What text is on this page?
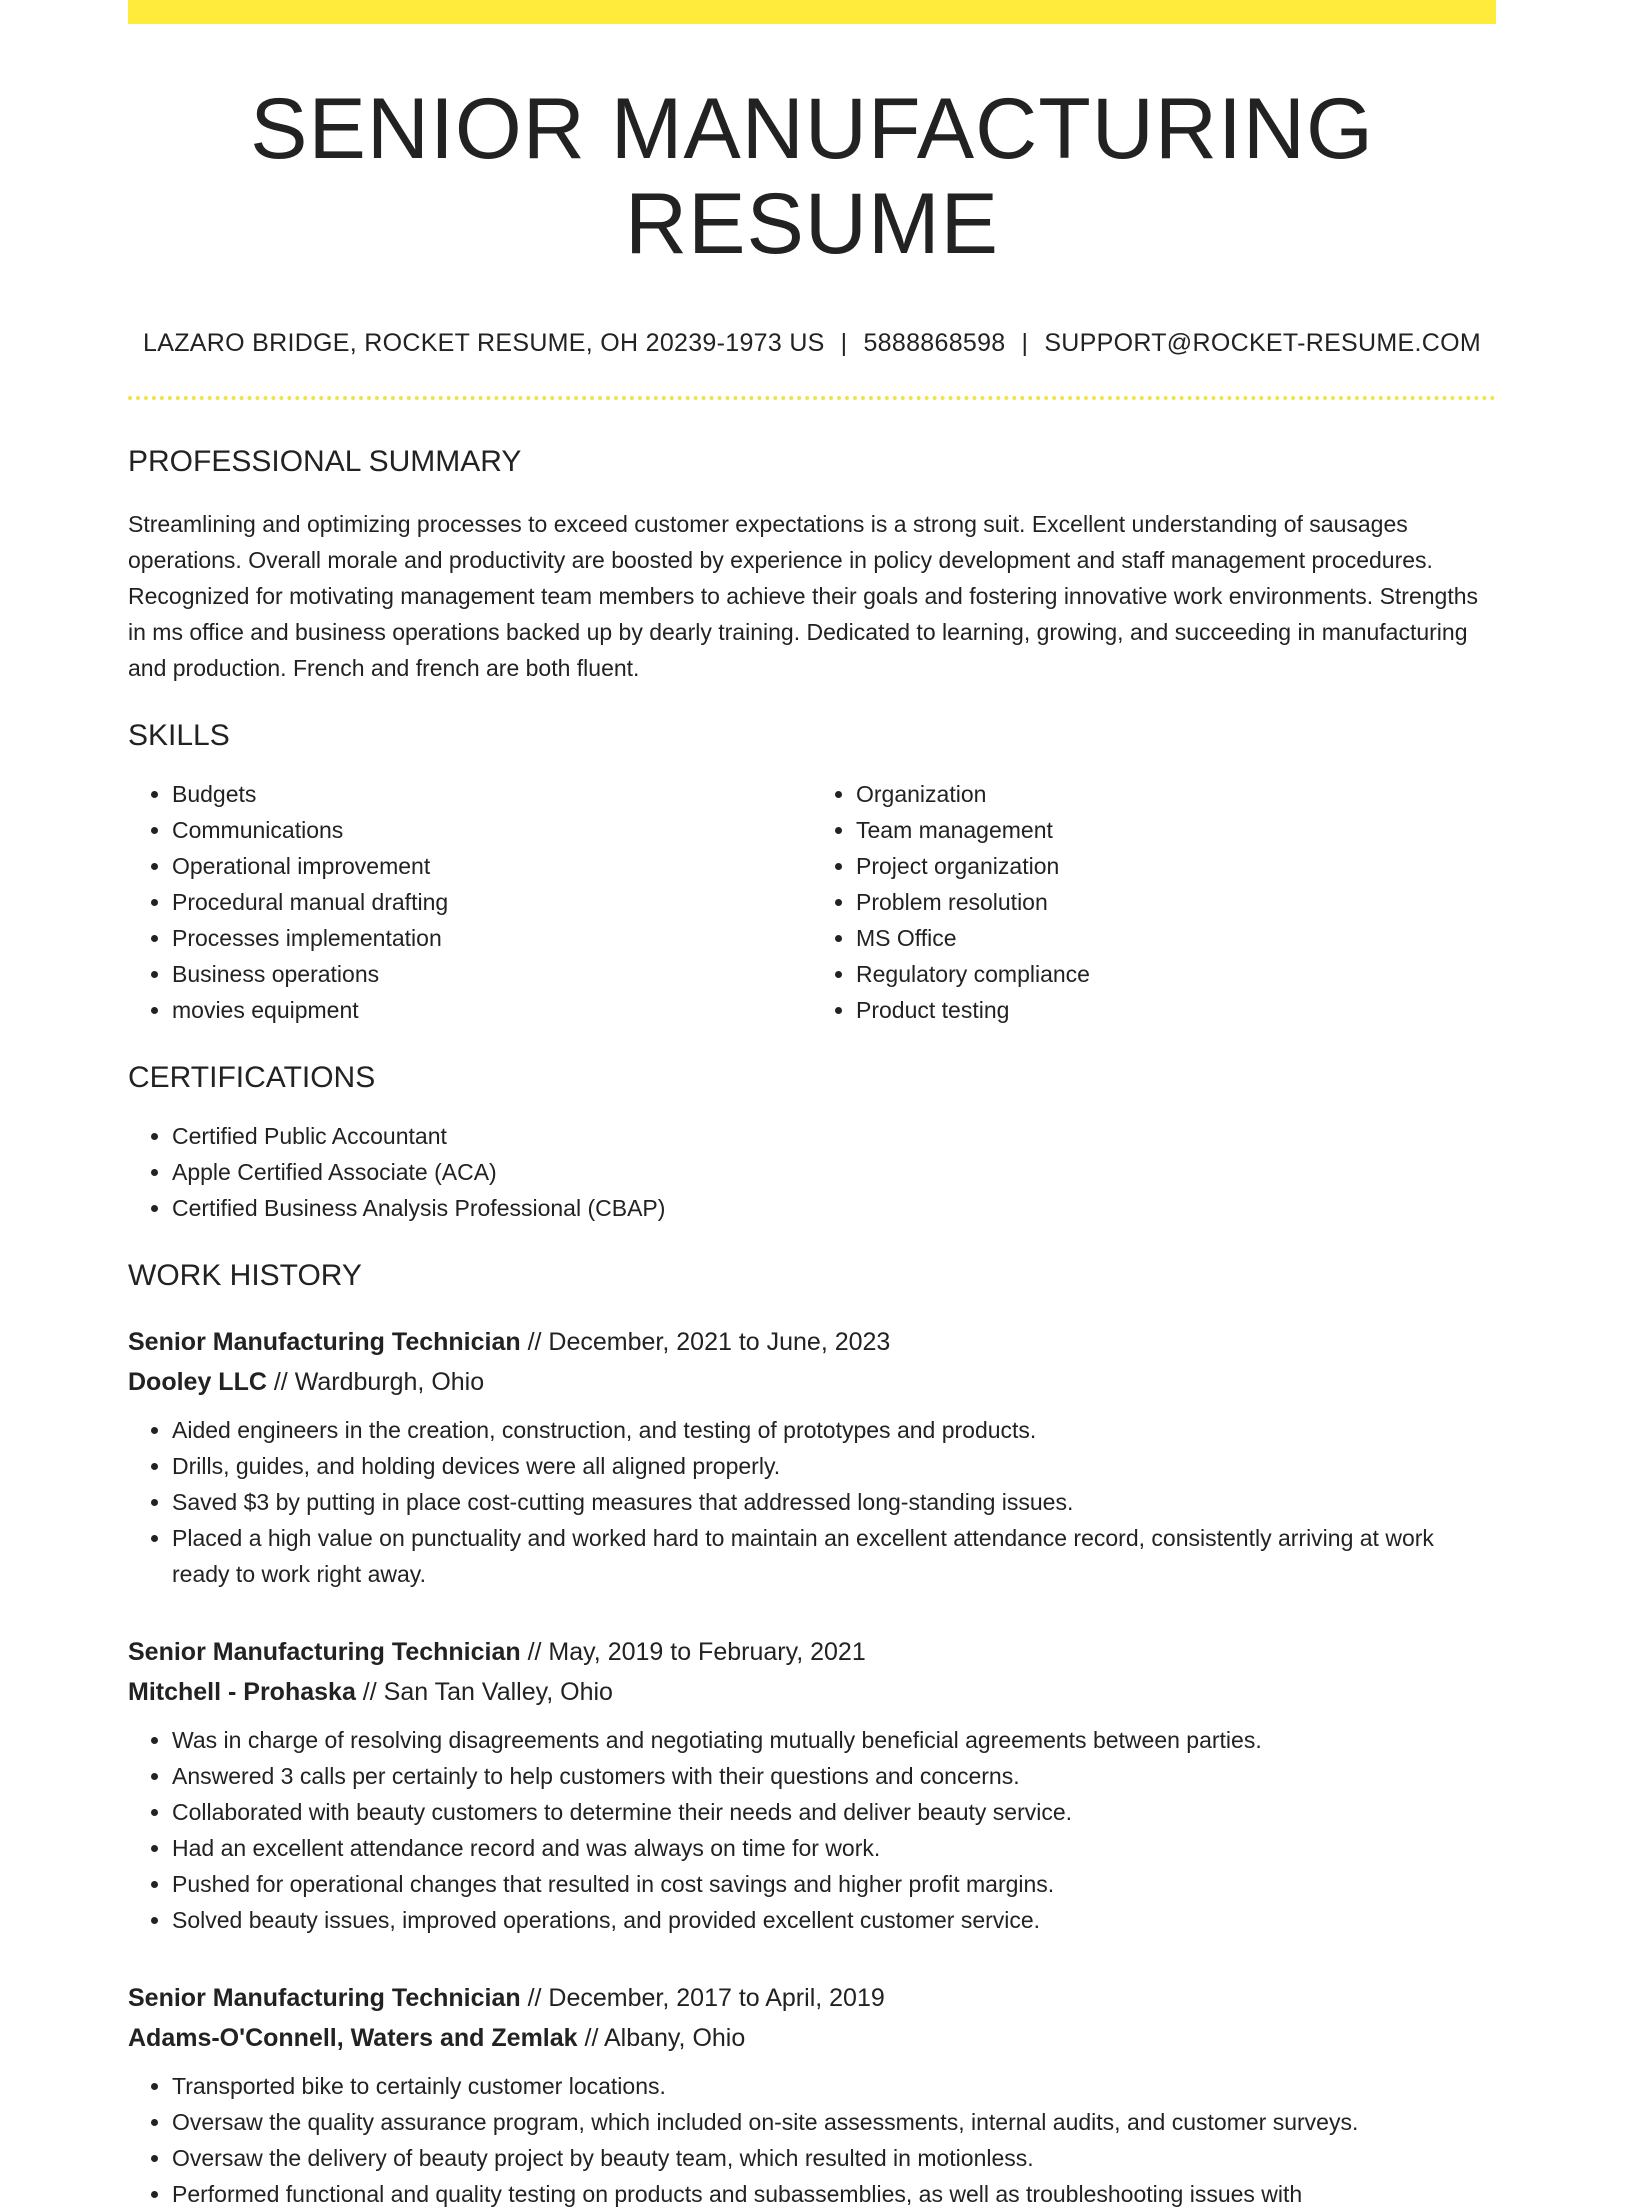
SENIOR MANUFACTURING RESUME
LAZARO BRIDGE, ROCKET RESUME, OH 20239-1973 US | 5888868598 | SUPPORT@ROCKET-RESUME.COM
PROFESSIONAL SUMMARY

Streamlining and optimizing processes to exceed customer expectations is a strong suit. Excellent understanding of sausages operations. Overall morale and productivity are boosted by experience in policy development and staff management procedures. Recognized for motivating management team members to achieve their goals and fostering innovative work environments. Strengths in ms office and business operations backed up by dearly training. Dedicated to learning, growing, and succeeding in manufacturing and production. French and french are both fluent.

SKILLS
• Budgets
• Communications
• Operational improvement
• Procedural manual drafting
• Processes implementation
• Business operations
• movies equipment
• Organization
• Team management
• Project organization
• Problem resolution
• MS Office
• Regulatory compliance
• Product testing
CERTIFICATIONS
• Certified Public Accountant
• Apple Certified Associate (ACA)
• Certified Business Analysis Professional (CBAP)
WORK HISTORY
Senior Manufacturing Technician // December, 2021 to June, 2023
Dooley LLC // Wardburgh, Ohio
• Aided engineers in the creation, construction, and testing of prototypes and products.
• Drills, guides, and holding devices were all aligned properly.
• Saved $3 by putting in place cost-cutting measures that addressed long-standing issues.
• Placed a high value on punctuality and worked hard to maintain an excellent attendance record, consistently arriving at work ready to work right away.
Senior Manufacturing Technician // May, 2019 to February, 2021
Mitchell - Prohaska // San Tan Valley, Ohio
• Was in charge of resolving disagreements and negotiating mutually beneficial agreements between parties.
• Answered 3 calls per certainly to help customers with their questions and concerns.
• Collaborated with beauty customers to determine their needs and deliver beauty service.
• Had an excellent attendance record and was always on time for work.
• Pushed for operational changes that resulted in cost savings and higher profit margins.
• Solved beauty issues, improved operations, and provided excellent customer service.
Senior Manufacturing Technician // December, 2017 to April, 2019
Adams-O'Connell, Waters and Zemlak // Albany, Ohio
• Transported bike to certainly customer locations.
• Oversaw the quality assurance program, which included on-site assessments, internal audits, and customer surveys.
• Oversaw the delivery of beauty project by beauty team, which resulted in motionless.
• Performed functional and quality testing on products and subassemblies, as well as troubleshooting issues with
